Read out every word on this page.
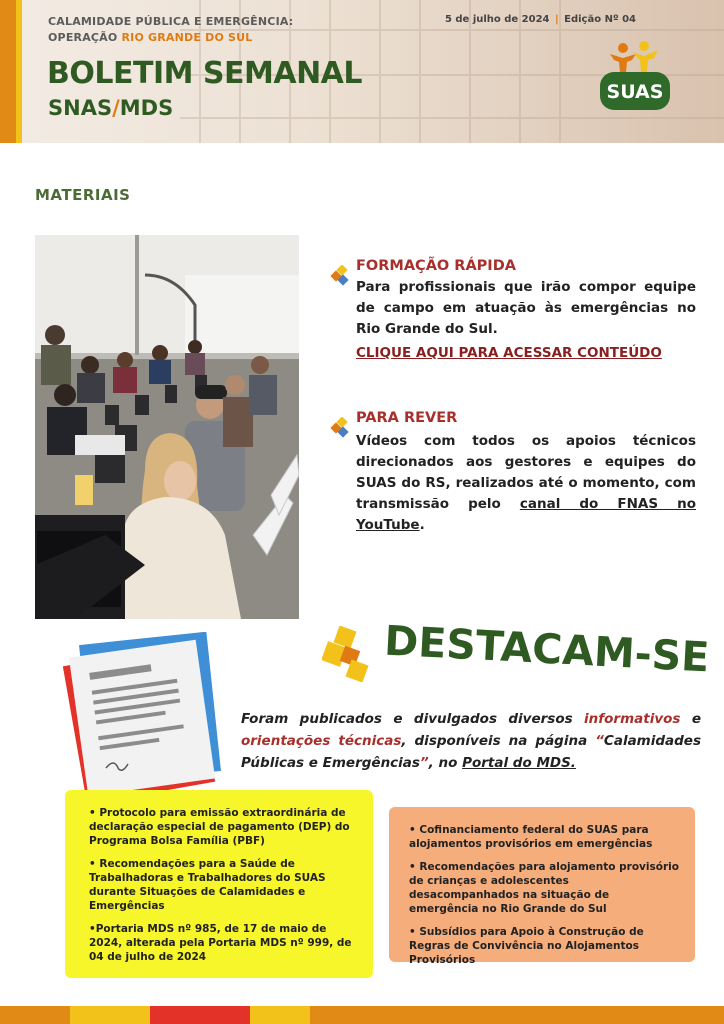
CALAMIDADE PÚBLICA E EMERGÊNCIA:
OPERAÇÃO RIO GRANDE DO SUL
BOLETIM SEMANAL
SNAS/MDS
5 de julho de 2024 | Edição Nº 04
SUAS
MATERIAIS
FORMAÇÃO RÁPIDA
Para profissionais que irão compor equipe de campo em atuação às emergências no Rio Grande do Sul.
CLIQUE AQUI PARA ACESSAR CONTEÚDO
PARA REVER
Vídeos com todos os apoios técnicos direcionados aos gestores e equipes do SUAS do RS, realizados até o momento, com transmissão pelo canal do FNAS no YouTube.
DESTACAM-SE
Foram publicados e divulgados diversos informativos e orientações técnicas, disponíveis na página “Calamidades Públicas e Emergências”, no Portal do MDS.
• Protocolo para emissão extraordinária de declaração especial de pagamento (DEP) do Programa Bolsa Família (PBF)
• Recomendações para a Saúde de Trabalhadoras e Trabalhadores do SUAS durante Situações de Calamidades e Emergências
•Portaria MDS nº 985, de 17 de maio de 2024, alterada pela Portaria MDS nº 999, de 04 de julho de 2024
• Cofinanciamento federal do SUAS para alojamentos provisórios em emergências
• Recomendações para alojamento provisório de crianças e adolescentes desacompanhados na situação de emergência no Rio Grande do Sul
• Subsídios para Apoio à Construção de Regras de Convivência no Alojamentos Provisórios
